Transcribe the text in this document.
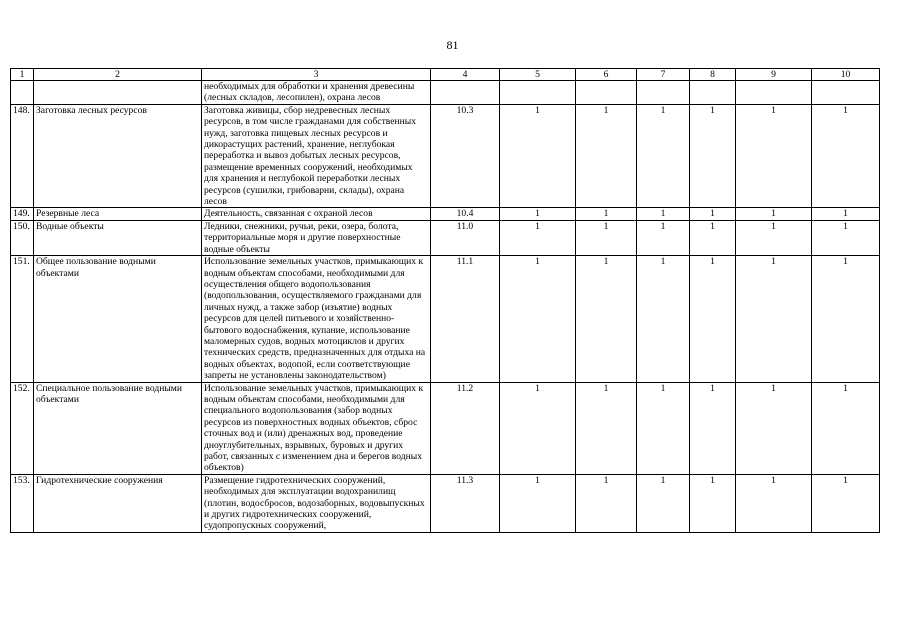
81
1	2	3	4	5	6	7	8	9	10
		необходимых для обработки и хранения древесины (лесных складов, лесопилен), охрана лесов							
148.	Заготовка лесных ресурсов	Заготовка живицы, сбор недревесных лесных ресурсов, в том числе гражданами для собственных нужд, заготовка пищевых лесных ресурсов и дикорастущих растений, хранение, неглубокая переработка и вывоз добытых лесных ресурсов, размещение временных сооружений, необходимых для хранения и неглубокой переработки лесных ресурсов (сушилки, грибоварни, склады), охрана лесов	10.3	1	1	1	1	1	1
149.	Резервные леса	Деятельность, связанная с охраной лесов	10.4	1	1	1	1	1	1
150.	Водные объекты	Ледники, снежники, ручьи, реки, озера, болота, территориальные моря и другие поверхностные водные объекты	11.0	1	1	1	1	1	1
151.	Общее пользование водными объектами	Использование земельных участков, примыкающих к водным объектам способами, необходимыми для осуществления общего водопользования (водопользования, осуществляемого гражданами для личных нужд, а также забор (изъятие) водных ресурсов для целей питьевого и хозяйственно-бытового водоснабжения, купание, использование маломерных судов, водных мотоциклов и других технических средств, предназначенных для отдыха на водных объектах, водопой, если соответствующие запреты не установлены законодательством)	11.1	1	1	1	1	1	1
152.	Специальное пользование водными объектами	Использование земельных участков, примыкающих к водным объектам способами, необходимыми для специального водопользования (забор водных ресурсов из поверхностных водных объектов, сброс сточных вод и (или) дренажных вод, проведение дноуглубительных, взрывных, буровых и других работ, связанных с изменением дна и берегов водных объектов)	11.2	1	1	1	1	1	1
153.	Гидротехнические сооружения	Размещение гидротехнических сооружений, необходимых для эксплуатации водохранилищ (плотин, водосбросов, водозаборных, водовыпускных и других гидротехнических сооружений, судопропускных сооружений,	11.3	1	1	1	1	1	1
